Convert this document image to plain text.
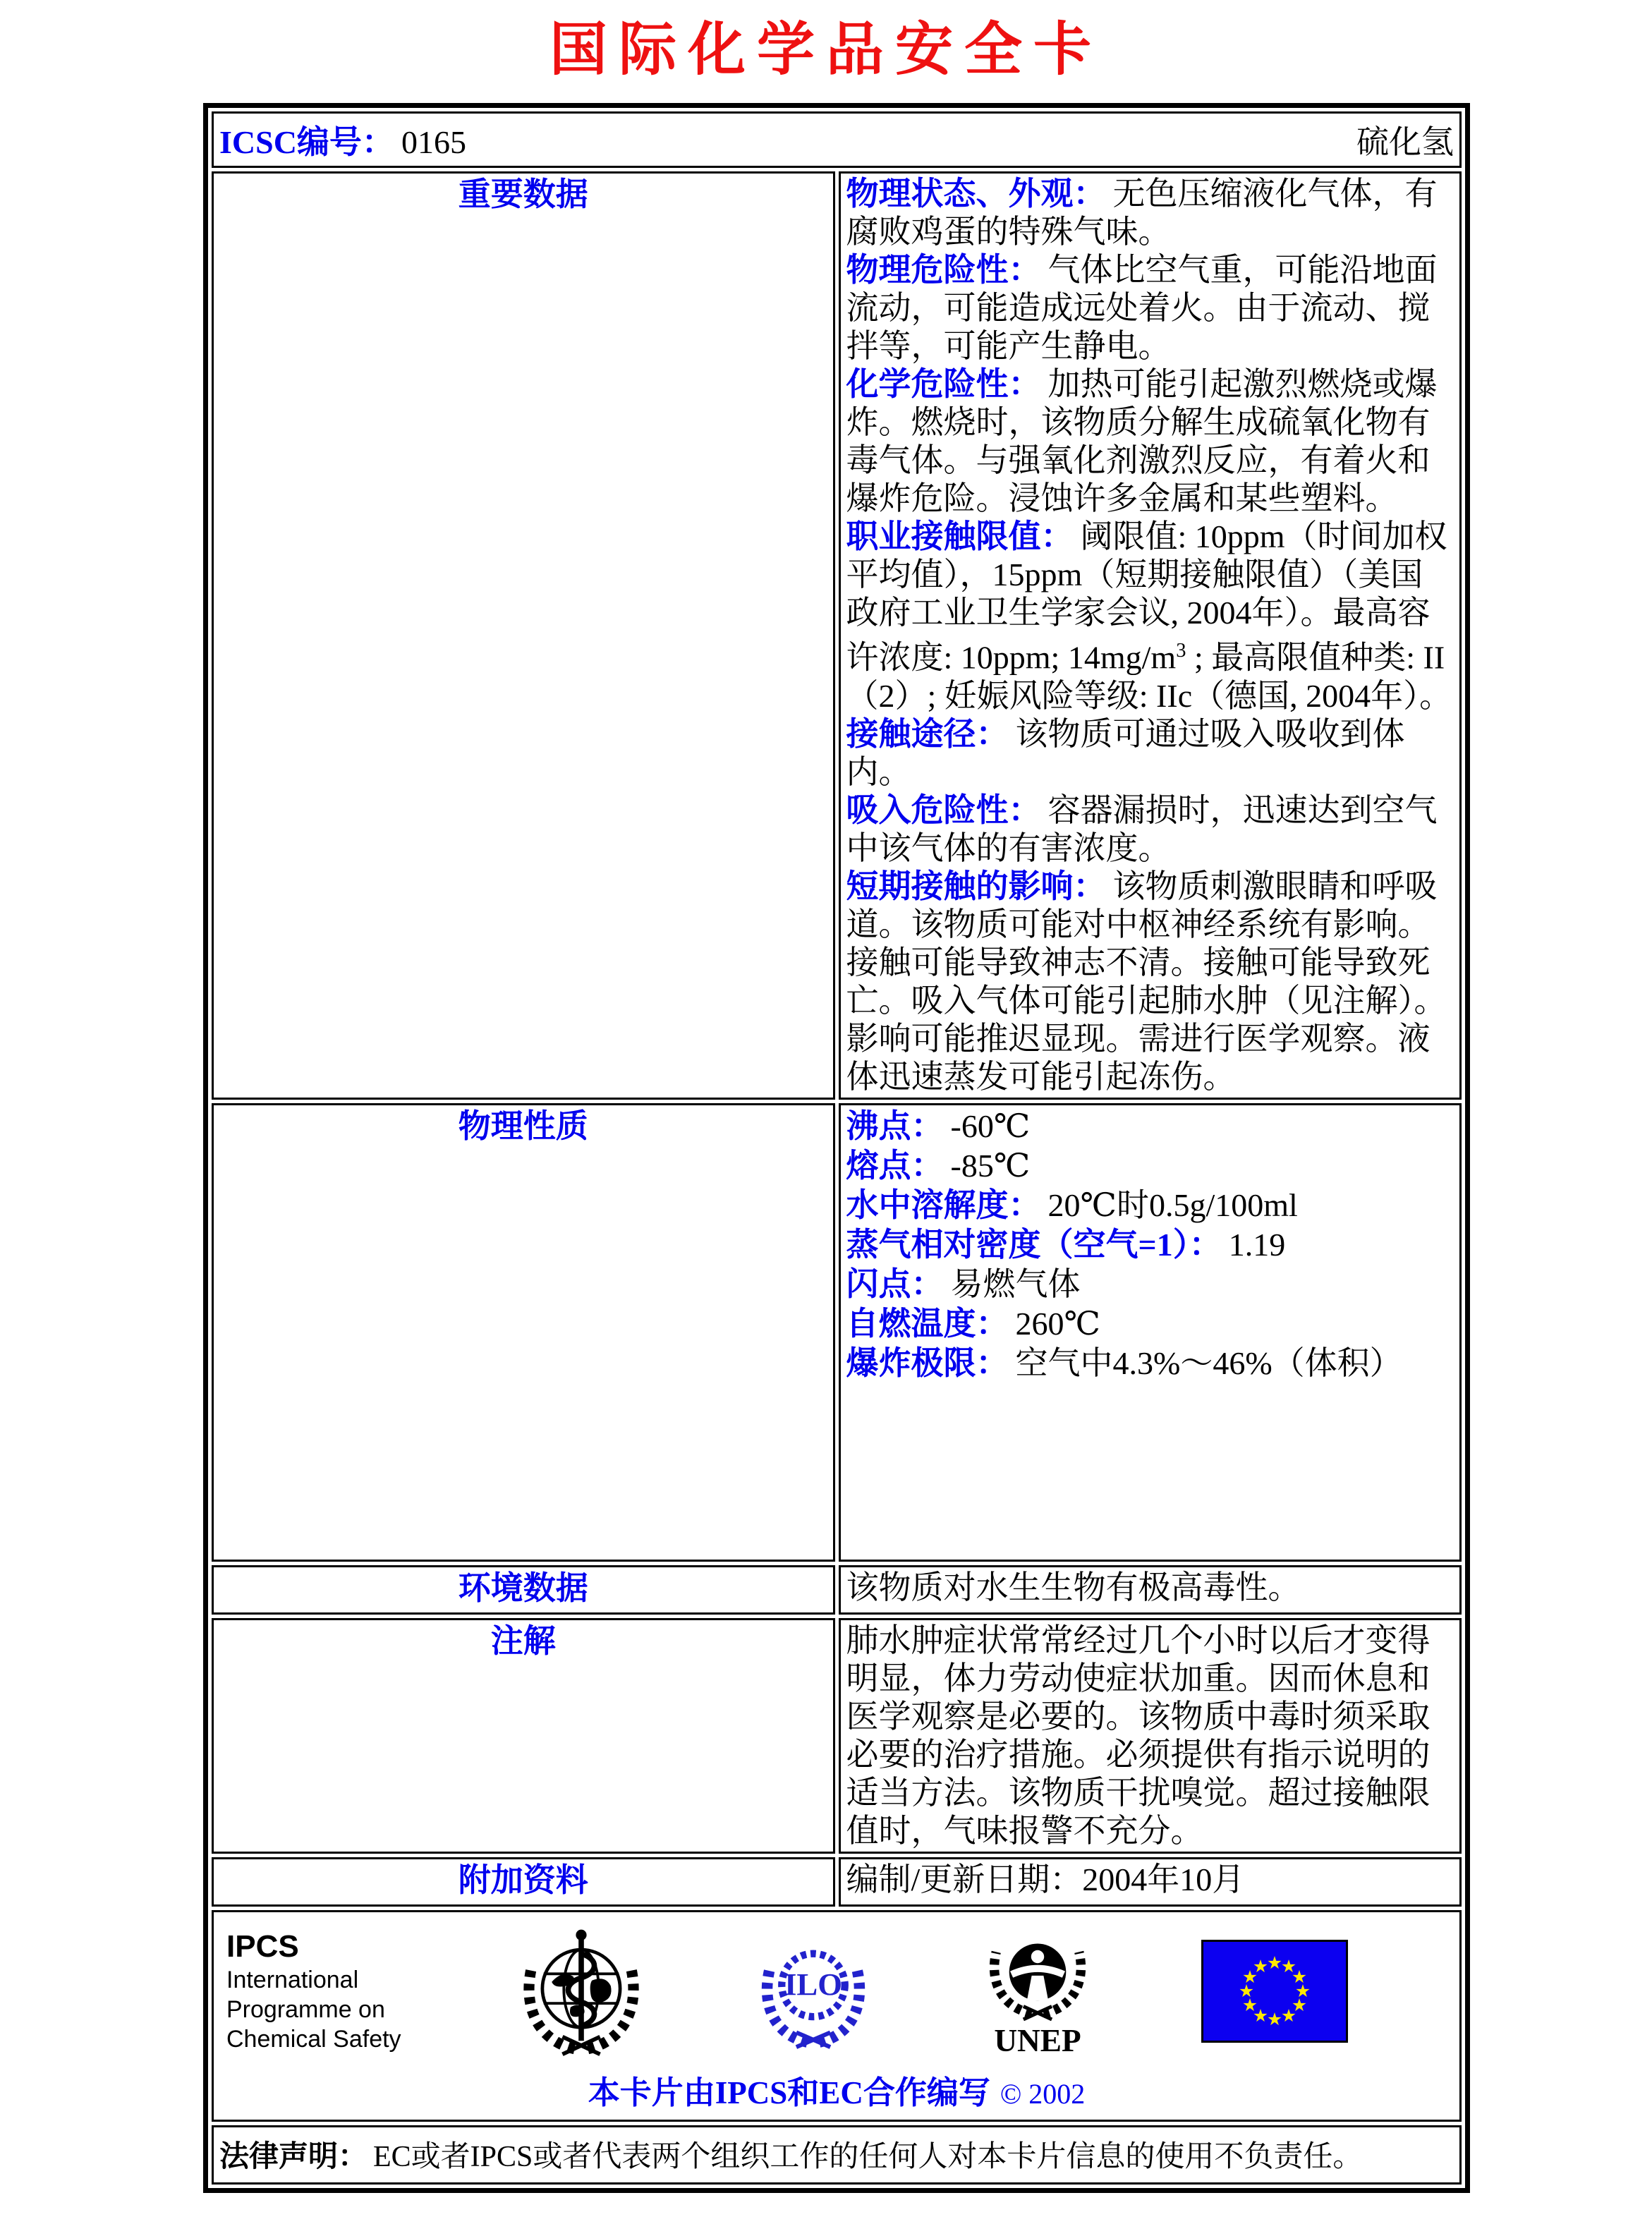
国际化学品安全卡
ICSC编号： 0165 硫化氢	

重要数据	物理状态、外观： 无色压缩液化气体，有腐败鸡蛋的特殊气味。
物理危险性： 气体比空气重，可能沿地面流动，可能造成远处着火。由于流动、搅拌等，可能产生静电。
化学危险性： 加热可能引起激烈燃烧或爆炸。燃烧时，该物质分解生成硫氧化物有毒气体。与强氧化剂激烈反应，有着火和爆炸危险。浸蚀许多金属和某些塑料。
职业接触限值： 阈限值: 10ppm（时间加权平均值），15ppm（短期接触限值）（美国政府工业卫生学家会议, 2004年）。最高容许浓度: 10ppm; $14mg/m^3$ ; 最高限值种类: II（2）; 妊娠风险等级: IIc（德国, 2004年）。
接触途径： 该物质可通过吸入吸收到体内。
吸入危险性： 容器漏损时，迅速达到空气中该气体的有害浓度。
短期接触的影响： 该物质刺激眼睛和呼吸道。该物质可能对中枢神经系统有影响。接触可能导致神志不清。接触可能导致死亡。吸入气体可能引起肺水肿（见注解）。影响可能推迟显现。需进行医学观察。液体迅速蒸发可能引起冻伤。

物理性质	沸点： -60℃
熔点： -85℃
水中溶解度： 20℃时0.5g/100ml
蒸气相对密度（空气=1）： 1.19
闪点： 易燃气体
自燃温度： 260℃
爆炸极限： 空气中4.3%～46%（体积）

环境数据	该物质对水生生物有极高毒性。

注解	肺水肿症状常常经过几个小时以后才变得明显，体力劳动使症状加重。因而休息和医学观察是必要的。该物质中毒时须采取必要的治疗措施。必须提供有指示说明的适当方法。该物质干扰嗅觉。超过接触限值时，气味报警不充分。

附加资料	编制/更新日期：2004年10月

IPCS
International
Programme on
Chemical Safety
ILO
UNEP
本卡片由IPCS和EC合作编写 © 2002

法律声明： EC或者IPCS或者代表两个组织工作的任何人对本卡片信息的使用不负责任。	
